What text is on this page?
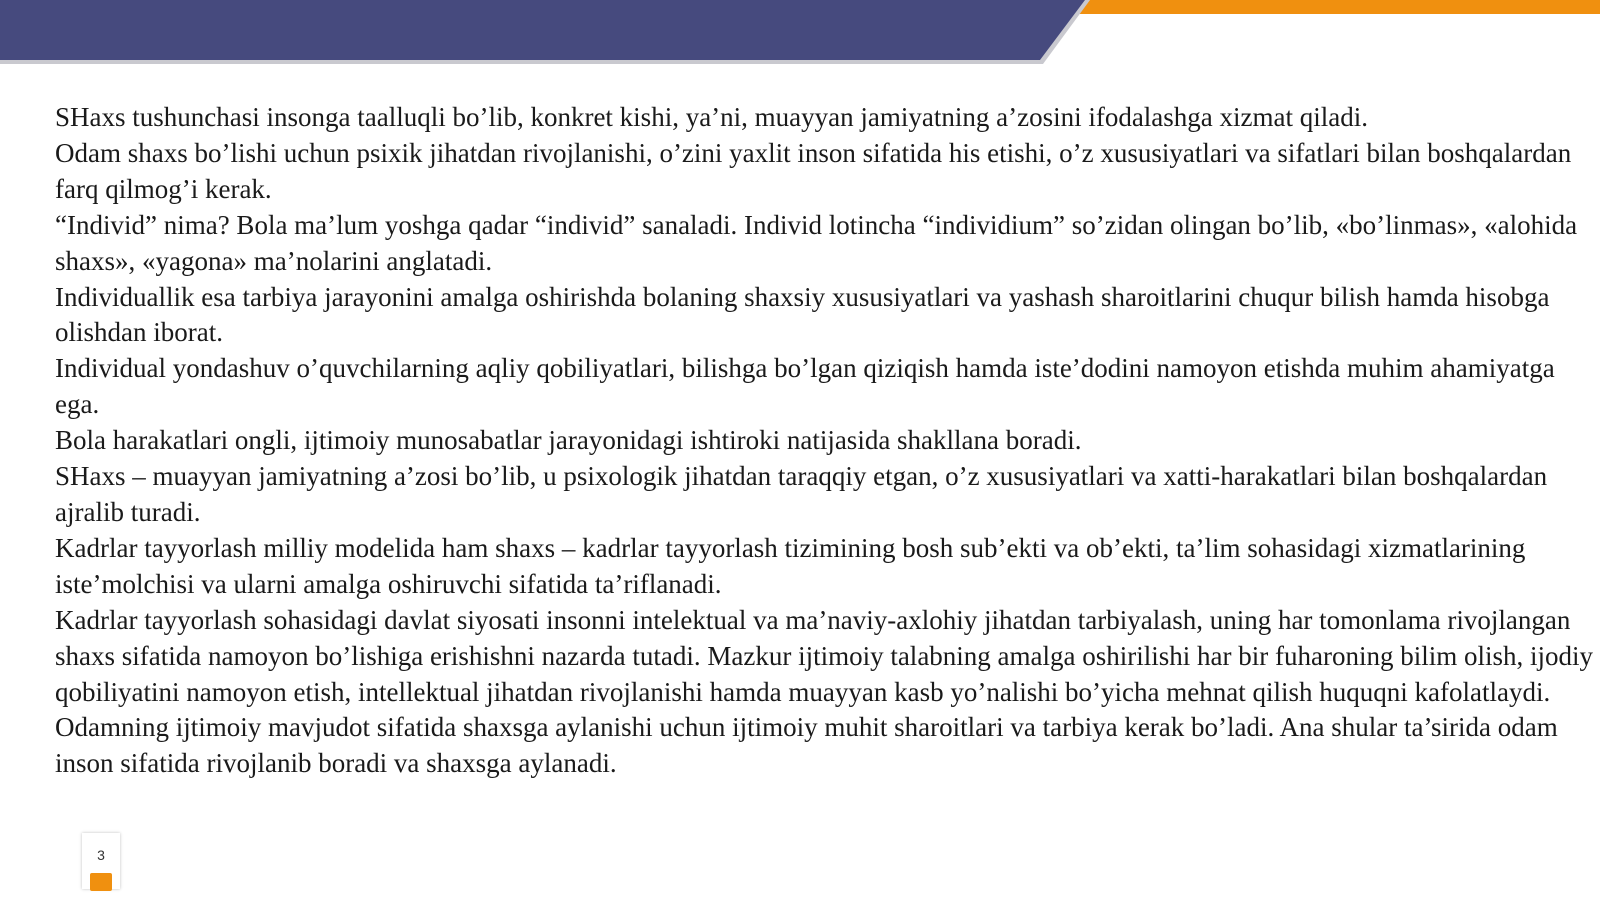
SHaxs tushunchasi insonga taalluqli bo’lib, konkret kishi, ya’ni, muayyan jamiyatning a’zosini ifodalashga xizmat qiladi.

Odam shaxs bo’lishi uchun psixik jihatdan rivojlanishi, o’zini yaxlit inson sifatida his etishi, o’z xususiyatlari va sifatlari bilan boshqalardan farq qilmog’i kerak.

“Individ” nima? Bola ma’lum yoshga qadar “individ” sanaladi. Individ lotincha “individium” so’zidan olingan bo’lib, «bo’linmas», «alohida shaxs», «yagona» ma’nolarini anglatadi.

Individuallik esa tarbiya jarayonini amalga oshirishda bolaning shaxsiy xususiyatlari va yashash sharoitlarini chuqur bilish hamda hisobga olishdan iborat.

Individual yondashuv o’quvchilarning aqliy qobiliyatlari, bilishga bo’lgan qiziqish hamda iste’dodini namoyon etishda muhim ahamiyatga ega.

Bola harakatlari ongli, ijtimoiy munosabatlar jarayonidagi ishtiroki natijasida shakllana boradi.

SHaxs – muayyan jamiyatning a’zosi bo’lib, u psixologik jihatdan taraqqiy etgan, o’z xususiyatlari va xatti-harakatlari bilan boshqalardan ajralib turadi.

Kadrlar tayyorlash milliy modelida ham shaxs – kadrlar tayyorlash tizimining bosh sub’ekti va ob’ekti, ta’lim sohasidagi xizmatlarining iste’molchisi va ularni amalga oshiruvchi sifatida ta’riflanadi.

Kadrlar tayyorlash sohasidagi davlat siyosati insonni intelektual va ma’naviy-axlohiy jihatdan tarbiyalash, uning har tomonlama rivojlangan shaxs sifatida namoyon bo’lishiga erishishni nazarda tutadi. Mazkur ijtimoiy talabning amalga oshirilishi har bir fuharoning bilim olish, ijodiy qobiliyatini namoyon etish, intellektual jihatdan rivojlanishi hamda muayyan kasb yo’nalishi bo’yicha mehnat qilish huquqni kafolatlaydi.

Odamning ijtimoiy mavjudot sifatida shaxsga aylanishi uchun ijtimoiy muhit sharoitlari va tarbiya kerak bo’ladi. Ana shular ta’sirida odam inson sifatida rivojlanib boradi va shaxsga aylanadi.

3
